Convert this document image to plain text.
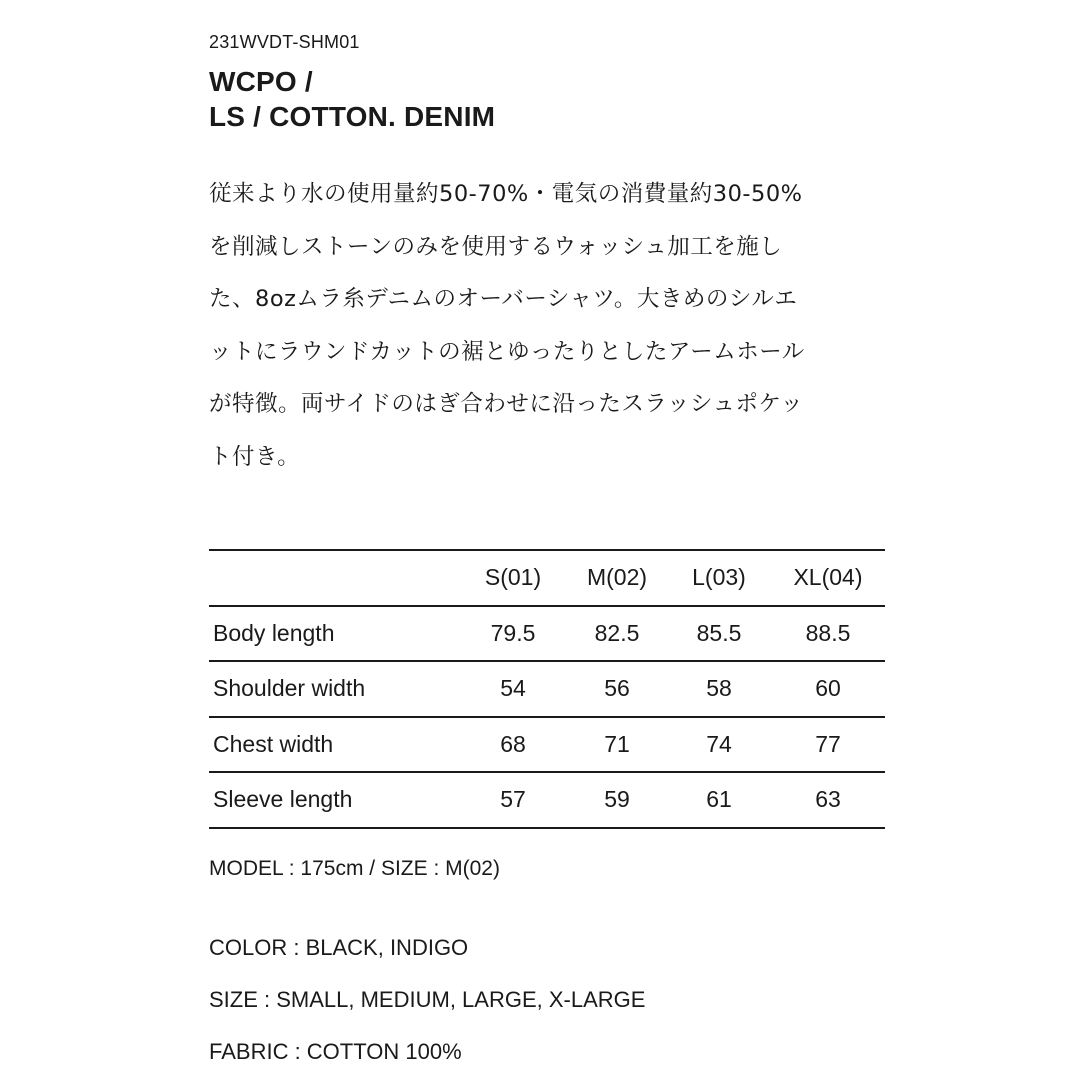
231WVDT-SHM01
WCPO /
LS / COTTON. DENIM
従来より水の使用量約50-70%・電気の消費量約30-50%
を削減しストーンのみを使用するウォッシュ加工を施し
た、8ozムラ糸デニムのオーバーシャツ。大きめのシルエ
ットにラウンドカットの裾とゆったりとしたアームホール
が特徴。両サイドのはぎ合わせに沿ったスラッシュポケッ
ト付き。
	S(01)	M(02)	L(03)	XL(04)
Body length	79.5	82.5	85.5	88.5
Shoulder width	54	56	58	60
Chest width	68	71	74	77
Sleeve length	57	59	61	63
MODEL : 175cm / SIZE : M(02)
COLOR : BLACK, INDIGO
SIZE : SMALL, MEDIUM, LARGE, X-LARGE
FABRIC : COTTON 100%
